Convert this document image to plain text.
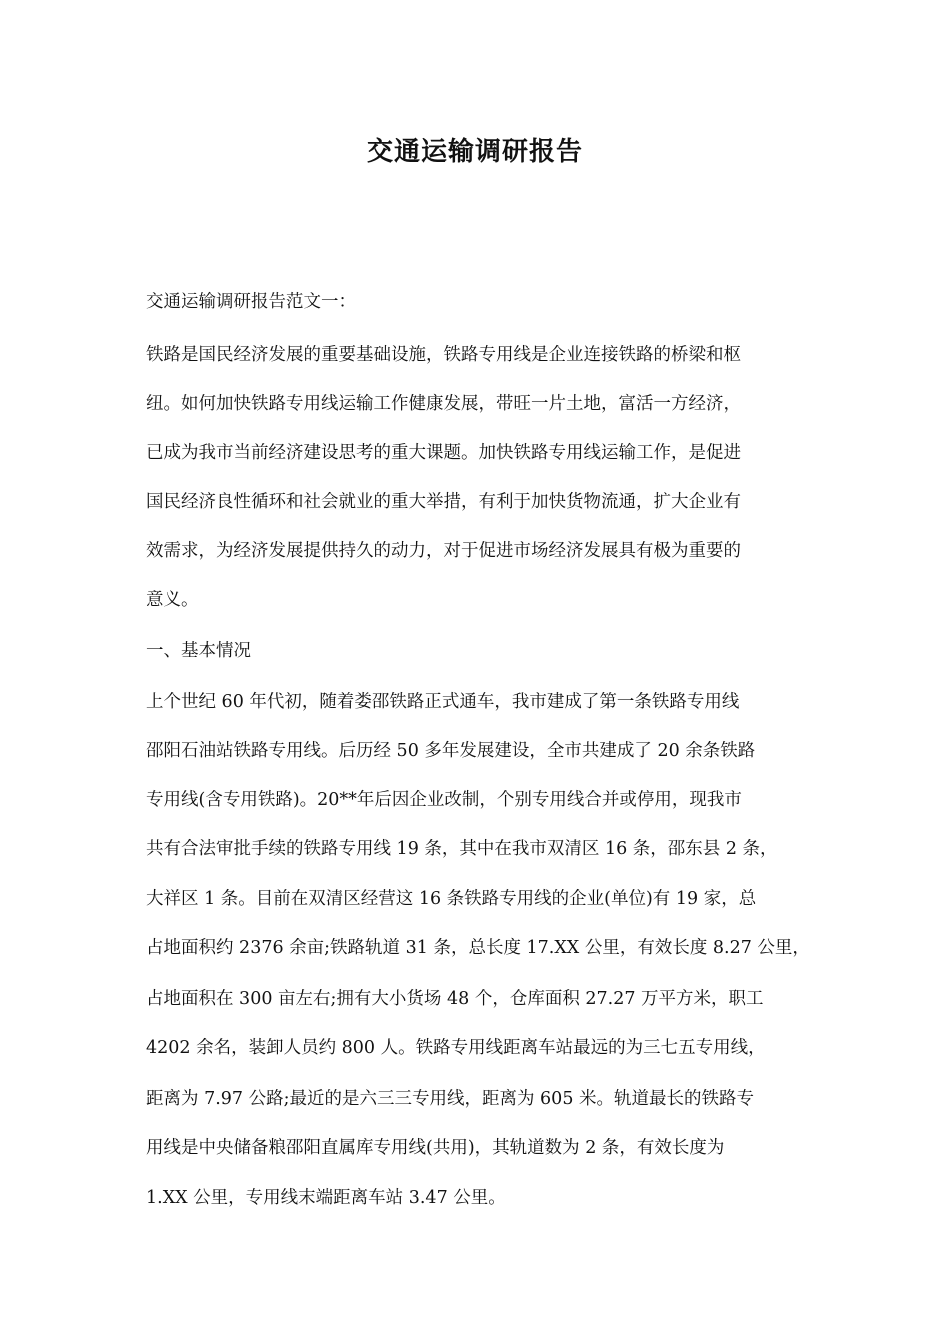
交通运输调研报告
交通运输调研报告范文一：
铁路是国民经济发展的重要基础设施，铁路专用线是企业连接铁路的桥梁和枢
纽。如何加快铁路专用线运输工作健康发展，带旺一片土地，富活一方经济，
已成为我市当前经济建设思考的重大课题。加快铁路专用线运输工作，是促进
国民经济良性循环和社会就业的重大举措，有利于加快货物流通，扩大企业有
效需求，为经济发展提供持久的动力，对于促进市场经济发展具有极为重要的
意义。
一、基本情况
上个世纪 60 年代初，随着娄邵铁路正式通车，我市建成了第一条铁路专用线
邵阳石油站铁路专用线。后历经 50 多年发展建设，全市共建成了 20 余条铁路
专用线(含专用铁路)。20**年后因企业改制，个别专用线合并或停用，现我市
共有合法审批手续的铁路专用线 19 条，其中在我市双清区 16 条，邵东县 2 条，
大祥区 1 条。目前在双清区经营这 16 条铁路专用线的企业(单位)有 19 家，总
占地面积约 2376 余亩;铁路轨道 31 条，总长度 17.XX 公里，有效长度 8.27 公里，
占地面积在 300 亩左右;拥有大小货场 48 个，仓库面积 27.27 万平方米，职工
4202 余名，装卸人员约 800 人。铁路专用线距离车站最远的为三七五专用线，
距离为 7.97 公路;最近的是六三三专用线，距离为 605 米。轨道最长的铁路专
用线是中央储备粮邵阳直属库专用线(共用)，其轨道数为 2 条，有效长度为
1.XX 公里，专用线末端距离车站 3.47 公里。
